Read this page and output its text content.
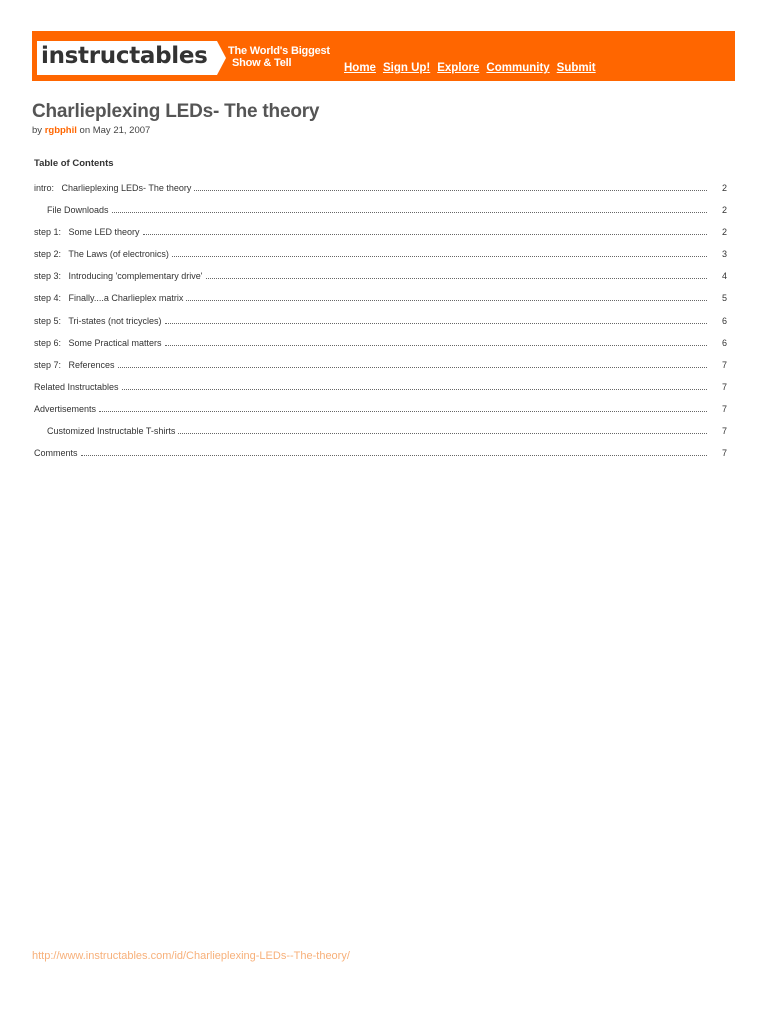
instructables The World's Biggest
Show & Tell	Home Sign Up! Explore Community Submit
Charlieplexing LEDs- The theory
by rgbphil on May 21, 2007
Table of Contents
intro:   Charlieplexing LEDs- The theory	2
File Downloads	2
step 1:   Some LED theory	2
step 2:   The Laws (of electronics)	3
step 3:   Introducing 'complementary drive'	4
step 4:   Finally....a Charlieplex matrix	5
step 5:   Tri-states (not tricycles)	6
step 6:   Some Practical matters	6
step 7:   References	7
Related Instructables	7
Advertisements	7
Customized Instructable T-shirts	7
Comments	7
http://www.instructables.com/id/Charlieplexing-LEDs--The-theory/
